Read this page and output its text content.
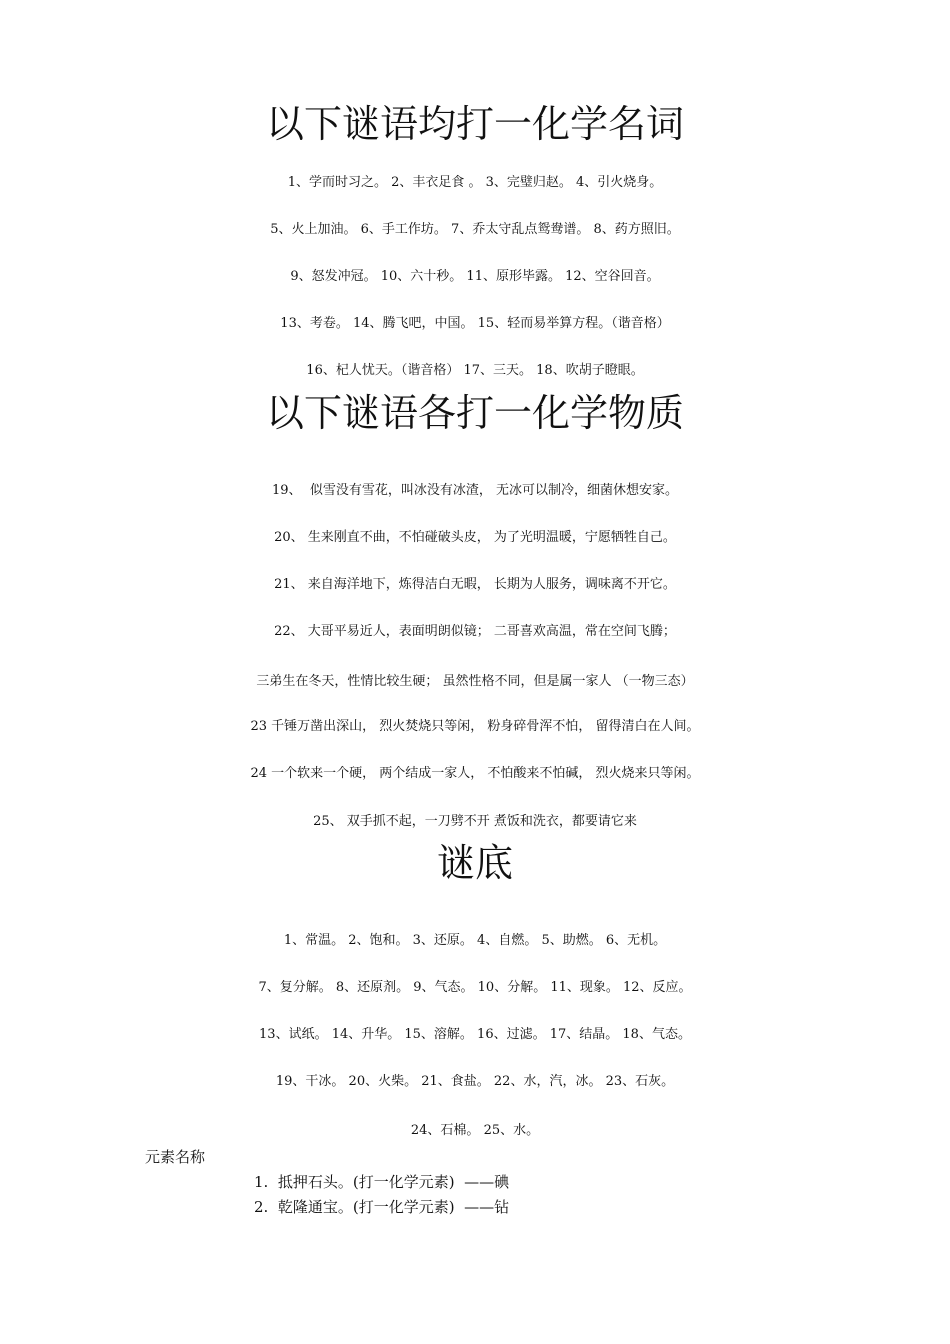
以下谜语均打一化学名词
1、学而时习之。 2、丰衣足食 。 3、完璧归赵。 4、引火烧身。
5、火上加油。 6、手工作坊。 7、乔太守乱点鸳鸯谱。 8、药方照旧。
9、怒发冲冠。 10、六十秒。 11、原形毕露。 12、空谷回音。
13、考卷。 14、腾飞吧，中国。 15、轻而易举算方程。（谐音格）
16、杞人忧天。（谐音格） 17、三天。 18、吹胡子瞪眼。
以下谜语各打一化学物质
19、  似雪没有雪花，叫冰没有冰渣， 无冰可以制冷，细菌休想安家。
20、 生来刚直不曲，不怕碰破头皮， 为了光明温暖，宁愿牺牲自己。
21、 来自海洋地下，炼得洁白无暇， 长期为人服务，调味离不开它。
22、 大哥平易近人，表面明朗似镜； 二哥喜欢高温，常在空间飞腾；
三弟生在冬天，性情比较生硬； 虽然性格不同，但是属一家人 （一物三态）
23 千锤万凿出深山， 烈火焚烧只等闲， 粉身碎骨浑不怕， 留得清白在人间。
24 一个软来一个硬， 两个结成一家人， 不怕酸来不怕碱， 烈火烧来只等闲。
25、 双手抓不起，一刀劈不开 煮饭和洗衣，都要请它来
谜底
1、常温。 2、饱和。 3、还原。 4、自燃。 5、助燃。 6、无机。
7、复分解。 8、还原剂。 9、气态。 10、分解。 11、现象。 12、反应。
13、试纸。 14、升华。 15、溶解。 16、过滤。 17、结晶。 18、气态。
19、干冰。 20、火柴。 21、食盐。 22、水，汽，冰。 23、石灰。
24、石棉。 25、水。
元素名称
1.  抵押石头。(打一化学元素)  ——碘
2.  乾隆通宝。(打一化学元素)  ——钻
